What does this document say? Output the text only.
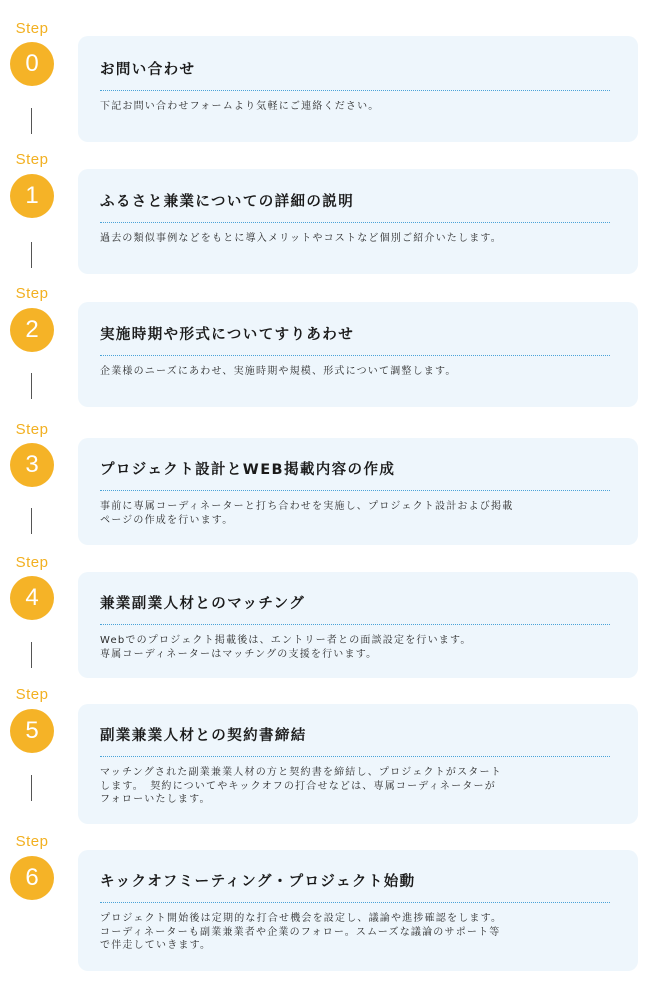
Step
0	お問い合わせ
下記お問い合わせフォームより気軽にご連絡ください。
Step
1	ふるさと兼業についての詳細の説明
過去の類似事例などをもとに導入メリットやコストなど個別ご紹介いたします。
Step
2	実施時期や形式についてすりあわせ
企業様のニーズにあわせ、実施時期や規模、形式について調整します。
Step
3	プロジェクト設計とWEB掲載内容の作成
事前に専属コーディネーターと打ち合わせを実施し、プロジェクト設計および掲載
ページの作成を行います。
Step
4	兼業副業人材とのマッチング
Webでのプロジェクト掲載後は、エントリー者との面談設定を行います。
専属コーディネーターはマッチングの支援を行います。
Step
5	副業兼業人材との契約書締結
マッチングされた副業兼業人材の方と契約書を締結し、プロジェクトがスタート
します。　契約についてやキックオフの打合せなどは、専属コーディネーターが
フォローいたします。
Step
6	キックオフミーティング・プロジェクト始動
プロジェクト開始後は定期的な打合せ機会を設定し、議論や進捗確認をします。
コーディネーターも副業兼業者や企業のフォロー。スムーズな議論のサポート等
で伴走していきます。
